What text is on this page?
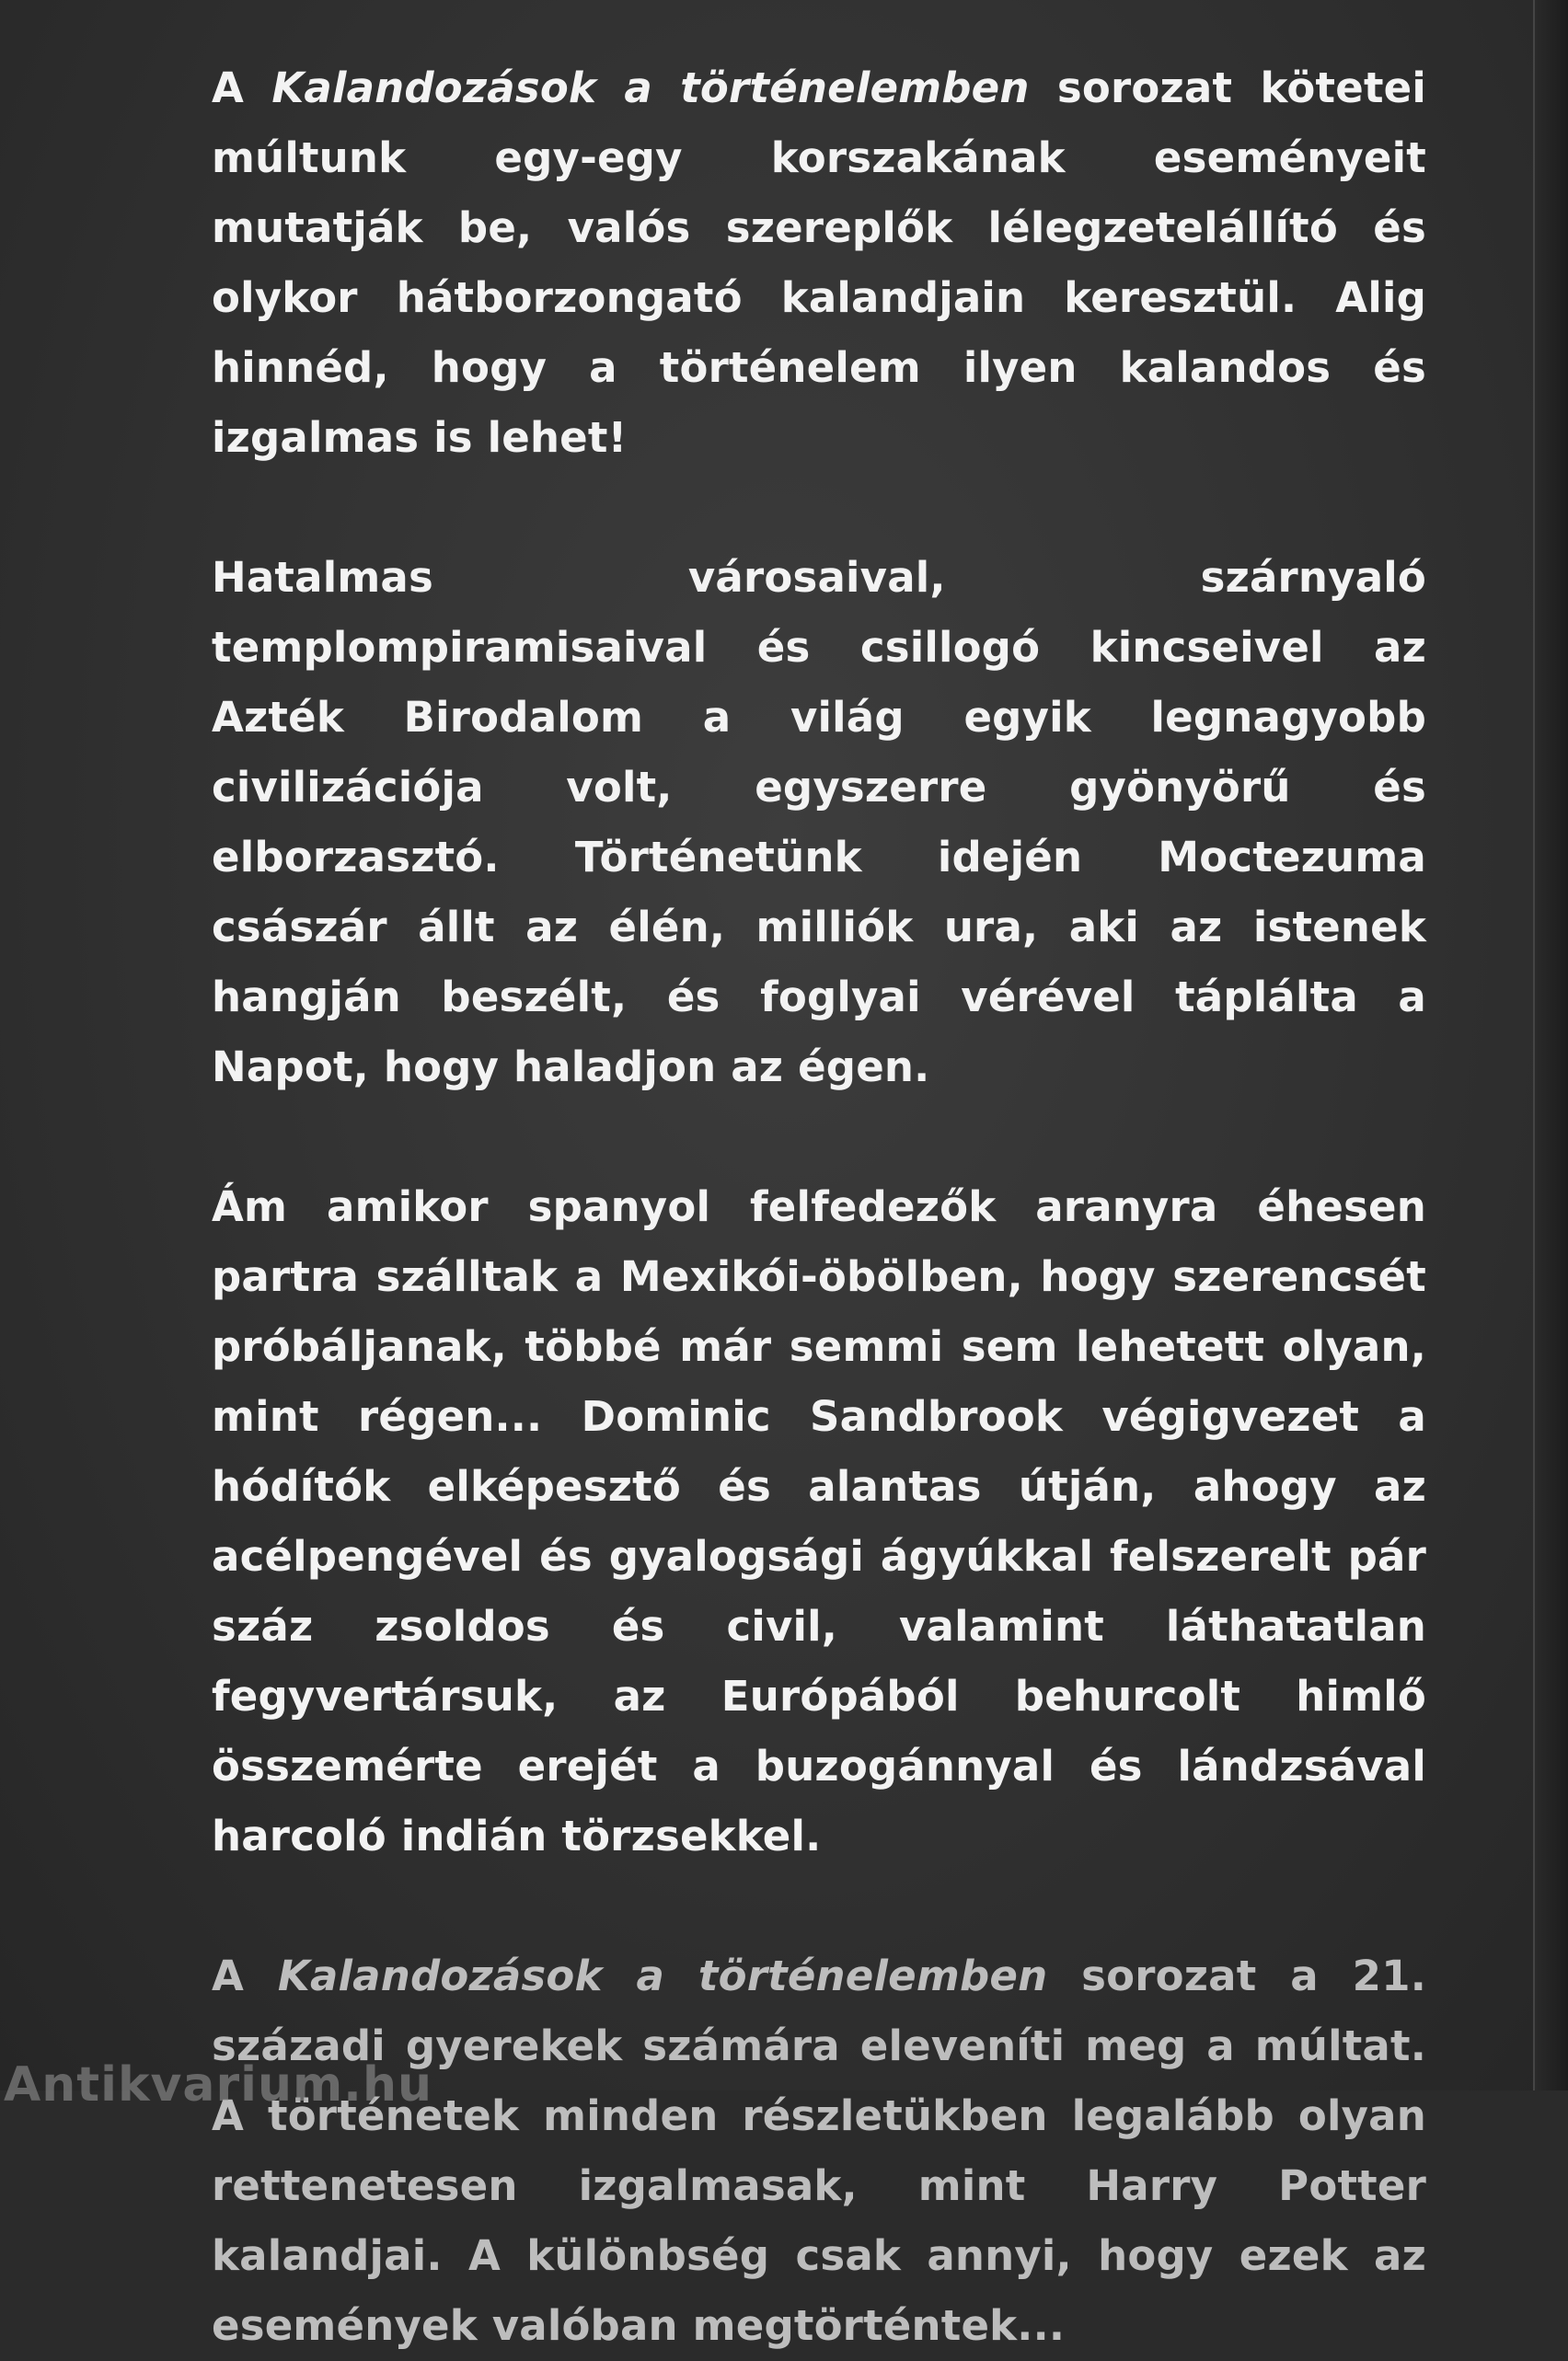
A Kalandozások a történelemben sorozat kötetei múltunk egy-egy korszakának eseményeit mutatják be, valós szereplők lélegzetelállító és olykor hátborzongató kalandjain keresztül. Alig hinnéd, hogy a történelem ilyen kalandos és izgalmas is lehet!

Hatalmas városaival, szárnyaló templompiramisaival és csillogó kincseivel az Azték Birodalom a világ egyik legnagyobb civilizációja volt, egyszerre gyönyörű és elborzasztó. Történetünk idején Moctezuma császár állt az élén, milliók ura, aki az istenek hangján beszélt, és foglyai vérével táplálta a Napot, hogy haladjon az égen.

Ám amikor spanyol felfedezők aranyra éhesen partra szálltak a Mexikói-öbölben, hogy szerencsét próbáljanak, többé már semmi sem lehetett olyan, mint régen... Dominic Sandbrook végigvezet a hódítók elképesztő és alantas útján, ahogy az acélpengével és gyalogsági ágyúkkal felszerelt pár száz zsoldos és civil, valamint láthatatlan fegyvertársuk, az Európából behurcolt himlő összemérte erejét a buzogánnyal és lándzsával harcoló indián törzsekkel.

A Kalandozások a történelemben sorozat a 21. századi gyerekek számára eleveníti meg a múltat. A történetek minden részletükben legalább olyan rettenetesen izgalmasak, mint Harry Potter kalandjai. A különbség csak annyi, hogy ezek az események valóban megtörténtek...

Antikvarium.hu
